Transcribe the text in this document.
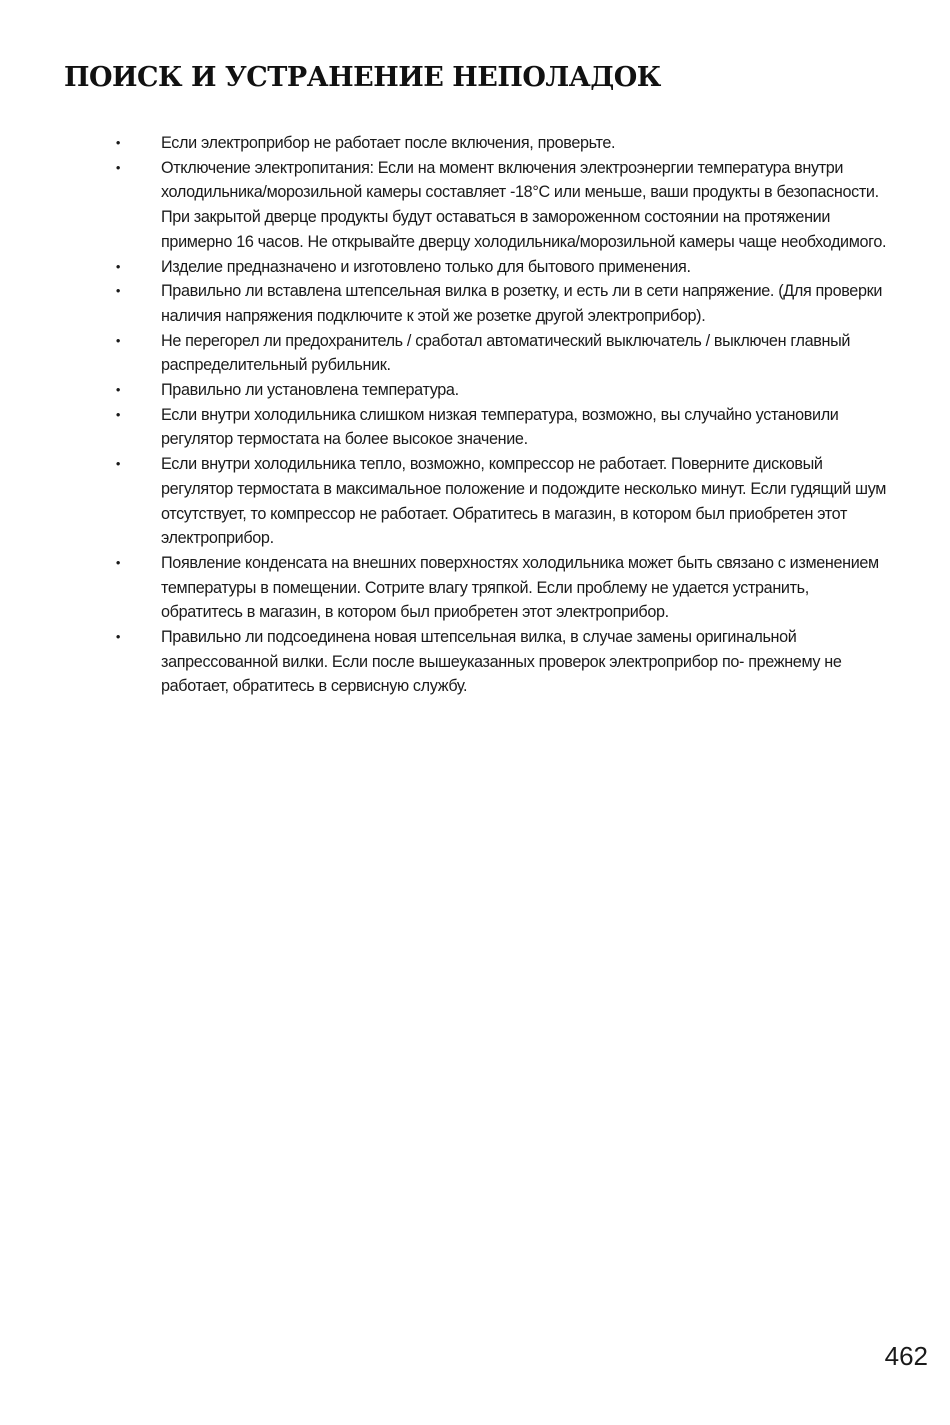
ПОИСК И УСТРАНЕНИЕ НЕПОЛАДОК
•	Если электроприбор не работает после включения, проверьте.
•	Отключение электропитания: Если на момент включения электроэнергии температура внутри холодильника/морозильной камеры составляет -18°С или меньше, ваши продукты в безопасности. При закрытой дверце продукты будут оставаться в замороженном состоянии на протяжении примерно 16 часов. Не открывайте дверцу холодильника/морозильной камеры чаще необходимого.
•	Изделие предназначено и изготовлено только для бытового применения.
•	Правильно ли вставлена штепсельная вилка в розетку, и есть ли в сети напряжение. (Для проверки наличия напряжения подключите к этой же розетке другой электроприбор).
•	Не перегорел ли предохранитель / сработал автоматический выключатель / выключен главный распределительный рубильник.
•	Правильно ли установлена температура.
•	Если внутри холодильника слишком низкая температура, возможно, вы случайно установили регулятор термостата на более высокое значение.
•	Если внутри холодильника тепло, возможно, компрессор не работает. Поверните дисковый регулятор термостата в максимальное положение и подождите несколько минут. Если гудящий шум отсутствует, то компрессор не работает. Обратитесь в магазин, в котором был приобретен этот электроприбор.
•	Появление конденсата на внешних поверхностях холодильника может быть связано с изменением температуры в помещении. Сотрите влагу тряпкой. Если проблему не удается устранить, обратитесь в магазин, в котором был приобретен этот электроприбор.
•	Правильно ли подсоединена новая штепсельная вилка, в случае замены оригинальной запрессованной вилки. Если после вышеуказанных проверок электроприбор по- прежнему не работает, обратитесь в сервисную службу.
462
